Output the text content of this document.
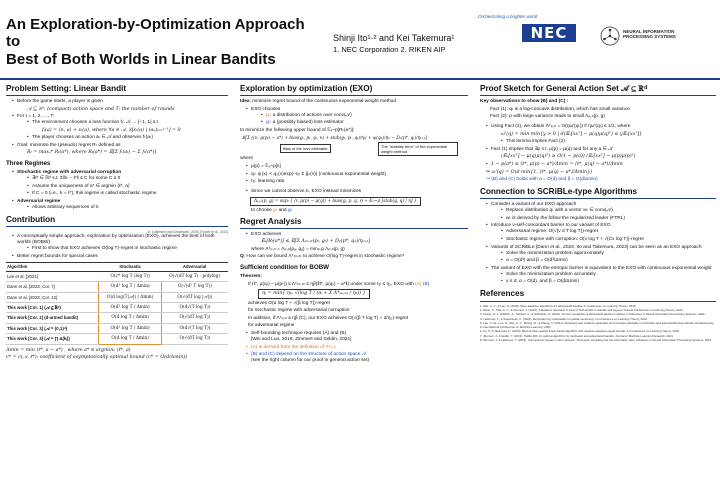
An Exploration-by-Optimization Approach to
Best of Both Worlds in Linear Bandits
Shinji Ito¹·² and Kei Takemura¹
1. NEC Corporation 2. RIKEN AIP
Orchestrating a brighter world
NEC	NEURAL INFORMATION
PROCESSING SYSTEMS
Problem Setting: Linear Bandit
• Before the game starts, a player is given
𝒜 ⊆ ℝᵈ: (compact) action space and T: the number of rounds
• For t = 1, 2, …, T:
• The environment chooses a loss function fₜ: 𝒜 → [−1, 1] s.t.
fₜ(a) = ⟨ℓₜ, a⟩ + εₜ(a), where ∀a ∈ 𝒜, 𝔼[εₜ(a) | (aₛ)ₛ₌₁ᵗ⁻¹] = 0
• The player chooses an action aₜ ∈ 𝒜 and observes fₜ(aₜ)
• Goal: minimize the (pseudo) regret Rₜ defined as
Rₜ = maxₐ* Rₜ(a*), where Rₜ(a*) = 𝔼[Σ fₜ(aₜ) − Σ fₜ(a*)]
Three Regimes
• Stochastic regime with adversarial corruption
• ∃ℓ* ∈ ℝᵈ s.t. Σ‖ℓₜ − ℓ*‖ ≤ C for some C ≥ 0
• Assume the uniqueness of a* ∈ argmin ⟨ℓ*, a⟩
• If C = 0 (i.e., ℓₜ = ℓ*), this regime is called stochastic regime
• Adversarial regime
• Allows arbitrary sequences of ℓₜ
Contribution
cf. [Lattimore and Szepesvári, 2020], [Foster et al., 2022]
• A conceptually simple approach, exploration by optimization (EXO), achieves the best of both worlds (BOBW)
• First to show that EXO achieves O(log T)-regret in stochastic regime
• Better regret bounds for special cases
Algorithm	Stochastic	Adversarial
Lee et al. [2021]	O(c* log T (log T))	O(√(dT log T) · polylog)
Dann et al. [2023, Cor. 7]	O(d² log T / Δmin)	O(√(d² T log T))
Dann et al. [2023, Cor. 12]	O(d log(T|𝒜|) / Δmin)	O(√(dT log |𝒜|))
This work [Cor. 1] (𝒜 ⊆ ℝᵈ)	O(d² log T / Δmin)	O(d√(T log T))
This work [Cor. 2] (d-armed bandit)	O(d log T / Δmin)	O(√(dT log T))
This work [Cor. 3] (𝒜 = {0,1}ᵈ)	O(d² log T / Δmin)	O(d√(T log T))
This work [Cor. 3] (𝒜 = ∏ Δ(kᵢ))	O(d log T / Δmin)	O(√(dT log T))
Δmin = min ⟨ℓ*, a − a*⟩ , where a* ∈ argminₐ ⟨ℓ*, a⟩
c* = c(𝒜, ℓ*): coefficient of asymptotically optimal bound (c* = O(d/Δmin))
Exploration by optimization (EXO)

Idea: minimize regret bound of the continuous exponential weight method

• EXO chooses
• pₜ: a distribution of actions over conv(𝒜)
• gₜ: a (possibly biased) loss estimator

to minimize the following upper bound of 𝔼ₓ~p[Rₜ(a*)]:

𝔼[Σ (⟨ℓₜ, μ(pₜ) − a*⟩ + bias(gₜ, pₜ, qₜ, ℓₜ) + stab(gₜ, pₜ, qₜ)/ηₜ) + ψ(q₁)/η₁ − Dₚ(p*, qₜ)/ηₜ₊₁]
Bias of the loss estimator	The "stability term" of the exponential weight method

where

• μ(p) = 𝔼ₓ~p[x]
• qₜ: qₜ(x) ∝ q₀(x)exp(−ηₜ Σ ĝₛ(x)) (continuous exponential weight)
• ηₜ: learning rate
• Since we cannot observe ℓₜ, EXO instead minimizes
Λₚ,ₙ(p, g) = supₗ { ⟨ℓ, μ(p) − μ(q)⟩ + bias(g, p, q, ℓ) + Eₓ~p [stab(g, q) / η] }

to choose pₜ and gₜ

Regret Analysis
• EXO achieves
𝔼ₓ[Rₜ(a*)] ≤ 𝔼[Σ Λₚₜ,ₙₜ(pₜ, gₜ) + Dₚ(p*, q₁)/ηₜ₊₁]
where Λ*ₚ,ₙ = Λₚ,ₙ(pₐ, gₐ) = minₚ,g Λₚ,ₙ(p, g)

Q: How can we bound Λ*ₚₜ,ₙₜ to achieve O(log T)-regret in stochastic regime?

Sufficient condition for BOBW

Theorem:

If (ℓ*, μ(qₜ) − μ(pₜ)) ≤ Λ*ₚₜ,ₙₜ ≤ ηβ(‖ℓ*, μ(qₜ) − a*‖) under some ηₜ ≤ η₀, EXO with (A) (B)

ηₜ = min{ η₀, √(log T / (α + Σ Λ*ₚₛ,ₙₛ / ηₛ)) }

achieves O(α log T + √(β log T))-regret

for stochastic regime with adversarial corruption

In addition, if Λ*ₚ,ₙ ≤ ηβ (C), our EXO achieves O(√(β T log T) + d/η₀)-regret

for adversarial regime

• Self-bounding technique requires (A) and (B)
[Wei and Luo, 2018, Zimmert and Seldin, 2021]
• (A) is derived from the definition of Λ*ₚ,ₙ
• (B) and (C) depend on the structure of action space 𝒜
(see the right column for our proof in general action set)
Proof Sketch for General Action Set 𝒜 ⊆ ℝᵈ

Key observations to show (B) and (C) :

Fact (1): qₜ is a log-concave distribution, which has small variance

Fact (2): p with large variance leads to small Λₚ,ₙ(p, g)

• Using Fact (1), we obtain Λ*ₚ,ₙ = O(ηω'(qₜ)) if ηω'(qₜ) ≤ 1/2, where
ω'(q) = min min{y > 0 | d(𝔼ₓ[xxᵀ] − μ(q)μ(q)ᵀ) ≤ y𝔼ₓ[xxᵀ]}
• This lemma implies Fact (2)
• Fact (1) implies that ∃p s.t. μ(p) = μ(q) and for any a ∈ 𝒜
(𝔼ₓ[xxᵀ] − μ(q)μ(q)ᵀ) ≥ O(1 − p(a)) (𝔼ₓ[xxᵀ] − μ(p)μ(p)ᵀ)
• 1 − p(a*) ≤ ⟨ℓ*, μ(p) − a*⟩/Δmin = ⟨ℓ*, μ(q) − a*⟩/Δmin
⇒ ω'(q) = O(d min{1, ⟨ℓ*, μ(q) − a*⟩/Δmin})

⇒ (B) and (C) holds with α = O(d) and β = O(d/Δmin)

Connection to SCRiBLe-type Algorithms
• Consider a variant of our EXO approach
• Replace distribution qₜ with a vector wₜ ∈ conv(𝒜)
• wₜ is derived by the follow the regularized leader (FTRL)
• Introduce ν-self-concordant barrier to our variant of EXO
• Adversarial regime: O(√(ν d T log T))-regret
• Stochastic regime with corruption: O(ν log T + √(Cν log T))-regret
• Variants of SCRiBLe [Dann et al., 2023, Ito and Takemura, 2023] can be seen as an EXO approach
• Solve the minimization problem approximately
• α = O(d³) and β = O(d³/Δmin)
• The variant of EXO with the entropic barrier is equivalent to the EXO with continuous exponential weight
• Solve the minimization problem accurately
• ν ≤ d, α = O(d), and β = O(d/Δmin)
References

1. Wei, C.-Y., & Luo, H. (2018). More adaptive algorithms for adversarial bandits. In Conference on Learning Theory, 2018.

2. Dann, C., Wei, C.-Y., & Zimmert, J. (2023). A blackbox approach to best of both worlds in bandits and beyond. Annual Conference on Learning Theory, 2023.

3. Foster, D. J., Rakhlin, A., Sekhari, A., & Sridharan, K. (2022). On the complexity of adversarial decision making. In Advances in Neural Information Processing Systems, 2022.

4. Lattimore, T., & Szepesvári, C. (2020). Exploration by optimisation in partial monitoring. In Conference on Learning Theory, 2020.

5. Lee, C.-W., Luo, H., Wei, C.-Y., Zhang, M., & Zhang, X. (2021). Achieving near instance-optimality and minimax-optimality in stochastic and adversarial linear bandits simultaneously. In International Conference on Machine Learning, 2021.

6. Ito, S. & Takemura, K. (2023). Best-of-three-worlds linear bandit algorithm with variance-adaptive regret bounds. In Conference on Learning Theory, 2023.

7. Zimmert, J. & Seldin, Y. (2021). Tsallis-INF: An optimal algorithm for stochastic and adversarial bandits. Journal of Machine Learning Research, 2021.

8. Zimmert, J. & Lattimore, T. (2019). Connections between mirror descent, Thompson sampling and the information ratio. Advances in Neural Information Processing Systems, 2019.
